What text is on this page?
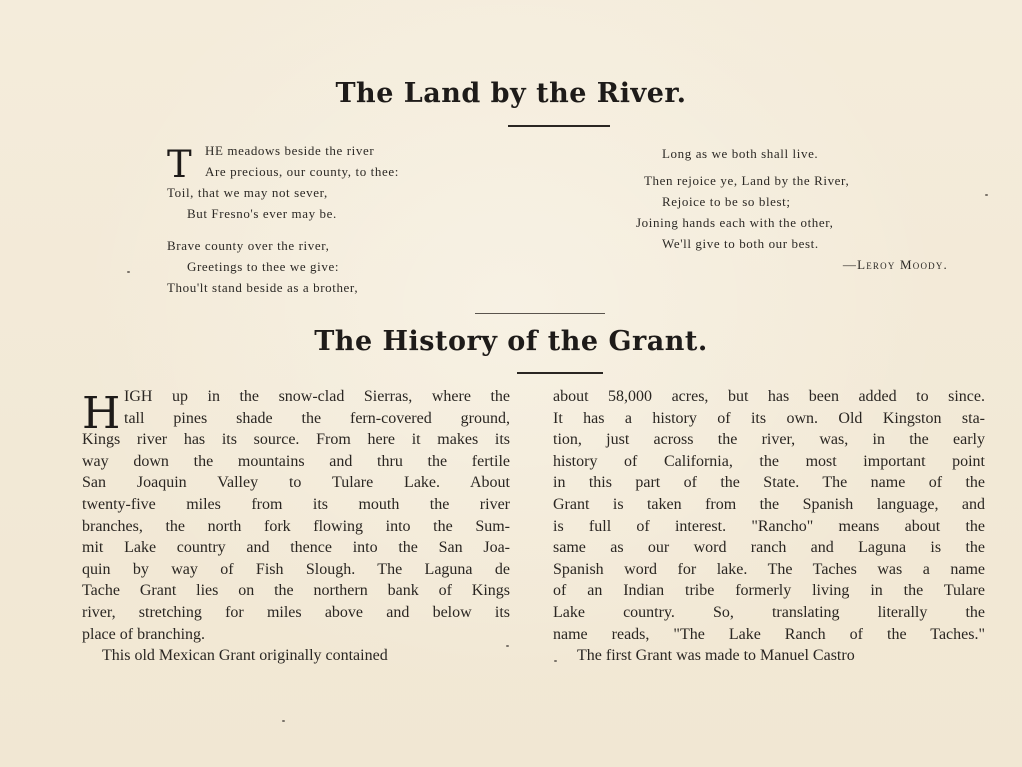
The Land by the River.
T	HE meadows beside the river
Are precious, our county, to thee:
Toil, that we may not sever,
But Fresno's ever may be.
Brave county over the river,
Greetings to thee we give:
Thou'lt stand beside as a brother,
Long as we both shall live.
Then rejoice ye, Land by the River,
Rejoice to be so blest;
Joining hands each with the other,
We'll give to both our best.
—Leroy Moody.
The History of the Grant.
H IGH up in the snow-clad Sierras, where the
tall pines shade the fern-covered ground,
Kings river has its source. From here it makes its
way down the mountains and thru the fertile
San Joaquin Valley to Tulare Lake. About
twenty-five miles from its mouth the river
branches, the north fork flowing into the Sum-
mit Lake country and thence into the San Joa-
quin by way of Fish Slough. The Laguna de
Tache Grant lies on the northern bank of Kings
river, stretching for miles above and below its
place of branching.
This old Mexican Grant originally contained
about 58,000 acres, but has been added to since.
It has a history of its own. Old Kingston sta-
tion, just across the river, was, in the early
history of California, the most important point
in this part of the State. The name of the
Grant is taken from the Spanish language, and
is full of interest. "Rancho" means about the
same as our word ranch and Laguna is the
Spanish word for lake. The Taches was a name
of an Indian tribe formerly living in the Tulare
Lake country. So, translating literally the
name reads, "The Lake Ranch of the Taches."
The first Grant was made to Manuel Castro
